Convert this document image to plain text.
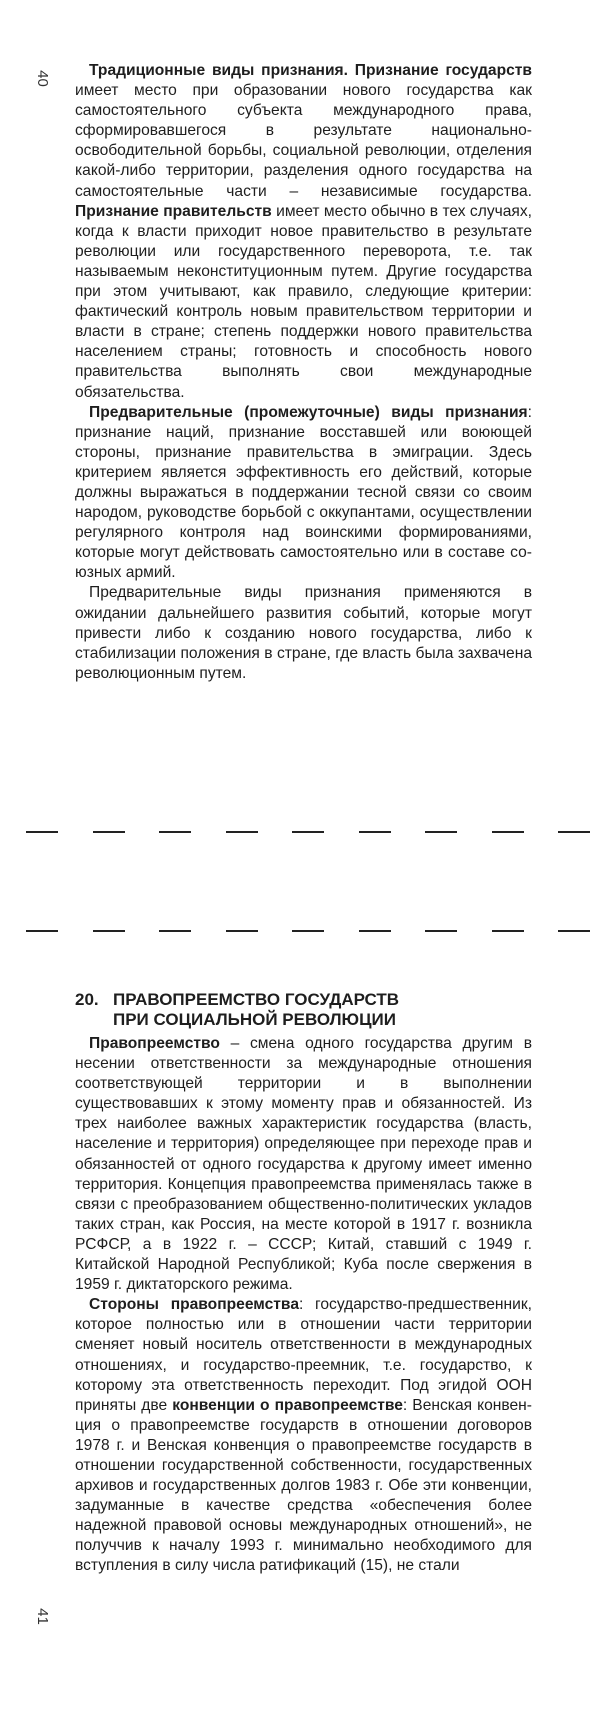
40
41

Традиционные виды признания. Признание государств имеет место при образовании нового государства как самостоятельного субъекта международного права, сформировавшегося в результате национально-освободительной борьбы, социальной революции, отделения какой-либо территории, разделения одного государства на самостоятельные части – независимые государства. Признание правительств имеет место обычно в тех случаях, когда к власти приходит новое правительство в результате революции или государственного переворота, т.е. так называемым неконституционным путем. Другие государства при этом учитывают, как правило, следующие критерии: фактический контроль новым правительством территории и власти в стране; степень поддержки нового правительства населением страны; готовность и способность нового правительства выполнять свои международные обязательства.

Предварительные (промежуточные) виды признания: признание наций, признание восставшей или воюющей стороны, признание правительства в эмиграции. Здесь критерием является эффективность его действий, которые должны выражаться в поддержании тесной связи со своим народом, руководстве борьбой с оккупантами, осуществлении регулярного контроля над воинскими формированиями, которые могут действовать самостоятельно или в составе союзных армий.

Предварительные виды признания применяются в ожидании дальнейшего развития событий, которые могут привести либо к созданию нового государства, либо к стабилизации положения в стране, где власть была захвачена революционным путем.

20. ПРАВОПРЕЕМСТВО ГОСУДАРСТВ
ПРИ СОЦИАЛЬНОЙ РЕВОЛЮЦИИ

Правопреемство – смена одного государства другим в несении ответственности за международные отношения соответствующей территории и в выполнении существовавших к этому моменту прав и обязанностей. Из трех наиболее важных характеристик государства (власть, население и территория) определяющее при переходе прав и обязанностей от одного государства к другому имеет именно территория. Концепция правопреемства применялась также в связи с преобразованием общественно-политических укладов таких стран, как Россия, на месте которой в 1917 г. возникла РСФСР, а в 1922 г. – СССР; Китай, ставший с 1949 г. Китайской Народной Республикой; Куба после свержения в 1959 г. диктаторского режима.

Стороны правопреемства: государство-предшественник, которое полностью или в отношении части территории сменяет новый носитель ответственности в международных отношениях, и государство-преемник, т.е. государство, к которому эта ответственность переходит. Под эгидой ООН приняты две конвенции о правопреемстве: Венская конвенция о правопреемстве государств в отношении договоров 1978 г. и Венская конвенция о правопреемстве государств в отношении государственной собственности, государственных архивов и государственных долгов 1983 г. Обе эти конвенции, задуманные в качестве средства «обеспечения более надежной правовой основы международных отношений», не получчив к началу 1993 г. минимально необходимого для вступления в силу числа ратификаций (15), не стали
